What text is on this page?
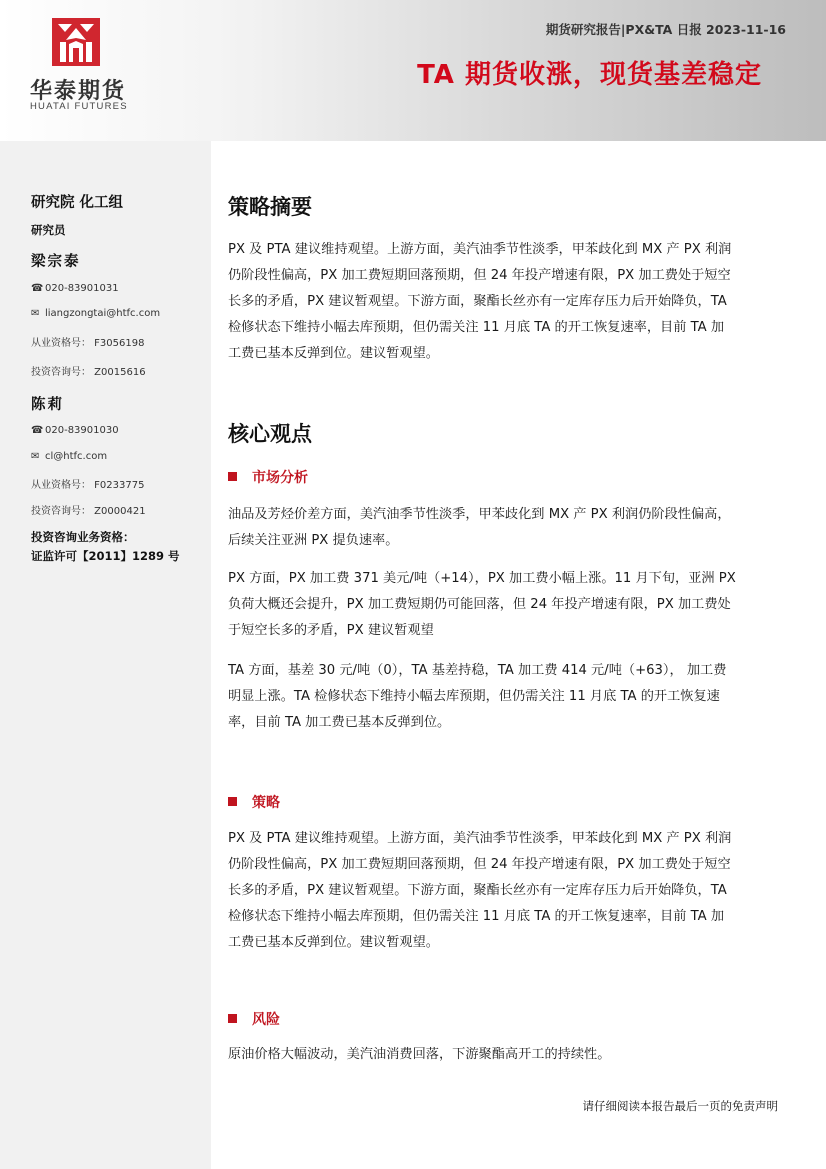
华泰期货
HUATAI FUTURES
期货研究报告|PX&TA 日报 2023-11-16
TA 期货收涨，现货基差稳定
研究院 化工组
研究员
梁宗泰
☎ 020-83901031
✉ liangzongtai@htfc.com
从业资格号： F3056198
投资咨询号： Z0015616
陈莉
☎ 020-83901030
✉ cl@htfc.com
从业资格号： F0233775
投资咨询号： Z0000421
投资咨询业务资格：
证监许可【2011】1289 号
策略摘要
PX 及 PTA 建议维持观望。上游方面，美汽油季节性淡季，甲苯歧化到 MX 产 PX 利润
仍阶段性偏高，PX 加工费短期回落预期，但 24 年投产增速有限，PX 加工费处于短空
长多的矛盾，PX 建议暂观望。下游方面，聚酯长丝亦有一定库存压力后开始降负，TA
检修状态下维持小幅去库预期，但仍需关注 11 月底 TA 的开工恢复速率，目前 TA 加
工费已基本反弹到位。建议暂观望。
核心观点
市场分析
油品及芳烃价差方面，美汽油季节性淡季，甲苯歧化到 MX 产 PX 利润仍阶段性偏高，
后续关注亚洲 PX 提负速率。
PX 方面，PX 加工费 371 美元/吨（+14），PX 加工费小幅上涨。11 月下旬，亚洲 PX
负荷大概还会提升，PX 加工费短期仍可能回落，但 24 年投产增速有限，PX 加工费处
于短空长多的矛盾，PX 建议暂观望
TA 方面，基差 30 元/吨（0），TA 基差持稳，TA 加工费 414 元/吨（+63）， 加工费
明显上涨。TA 检修状态下维持小幅去库预期，但仍需关注 11 月底 TA 的开工恢复速
率，目前 TA 加工费已基本反弹到位。
策略
PX 及 PTA 建议维持观望。上游方面，美汽油季节性淡季，甲苯歧化到 MX 产 PX 利润
仍阶段性偏高，PX 加工费短期回落预期，但 24 年投产增速有限，PX 加工费处于短空
长多的矛盾，PX 建议暂观望。下游方面，聚酯长丝亦有一定库存压力后开始降负，TA
检修状态下维持小幅去库预期，但仍需关注 11 月底 TA 的开工恢复速率，目前 TA 加
工费已基本反弹到位。建议暂观望。
风险
原油价格大幅波动，美汽油消费回落，下游聚酯高开工的持续性。
请仔细阅读本报告最后一页的免责声明
